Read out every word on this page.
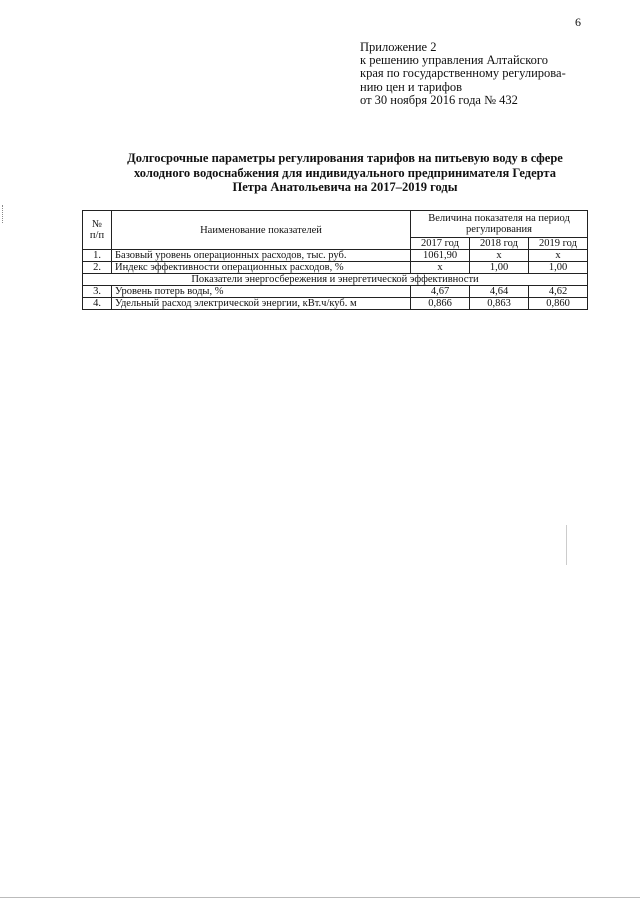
6
Приложение 2
к решению управления Алтайского
края по государственному регулирова-
нию цен и тарифов
от 30 ноября 2016 года № 432
Долгосрочные параметры регулирования тарифов на питьевую воду в сфере
холодного водоснабжения для индивидуального предпринимателя Гедерта
Петра Анатольевича на 2017–2019 годы
№
п/п	Наименование показателей	Величина показателя на период регулирования		
		2017 год	2018 год	2019 год
1.	Базовый уровень операционных расходов, тыс. руб.	1061,90	x	x
2.	Индекс эффективности операционных расходов, %	x	1,00	1,00
Показатели энергосбережения и энергетической эффективности				
3.	Уровень потерь воды, %	4,67	4,64	4,62
4.	Удельный расход электрической энергии, кВт.ч/куб. м	0,866	0,863	0,860
